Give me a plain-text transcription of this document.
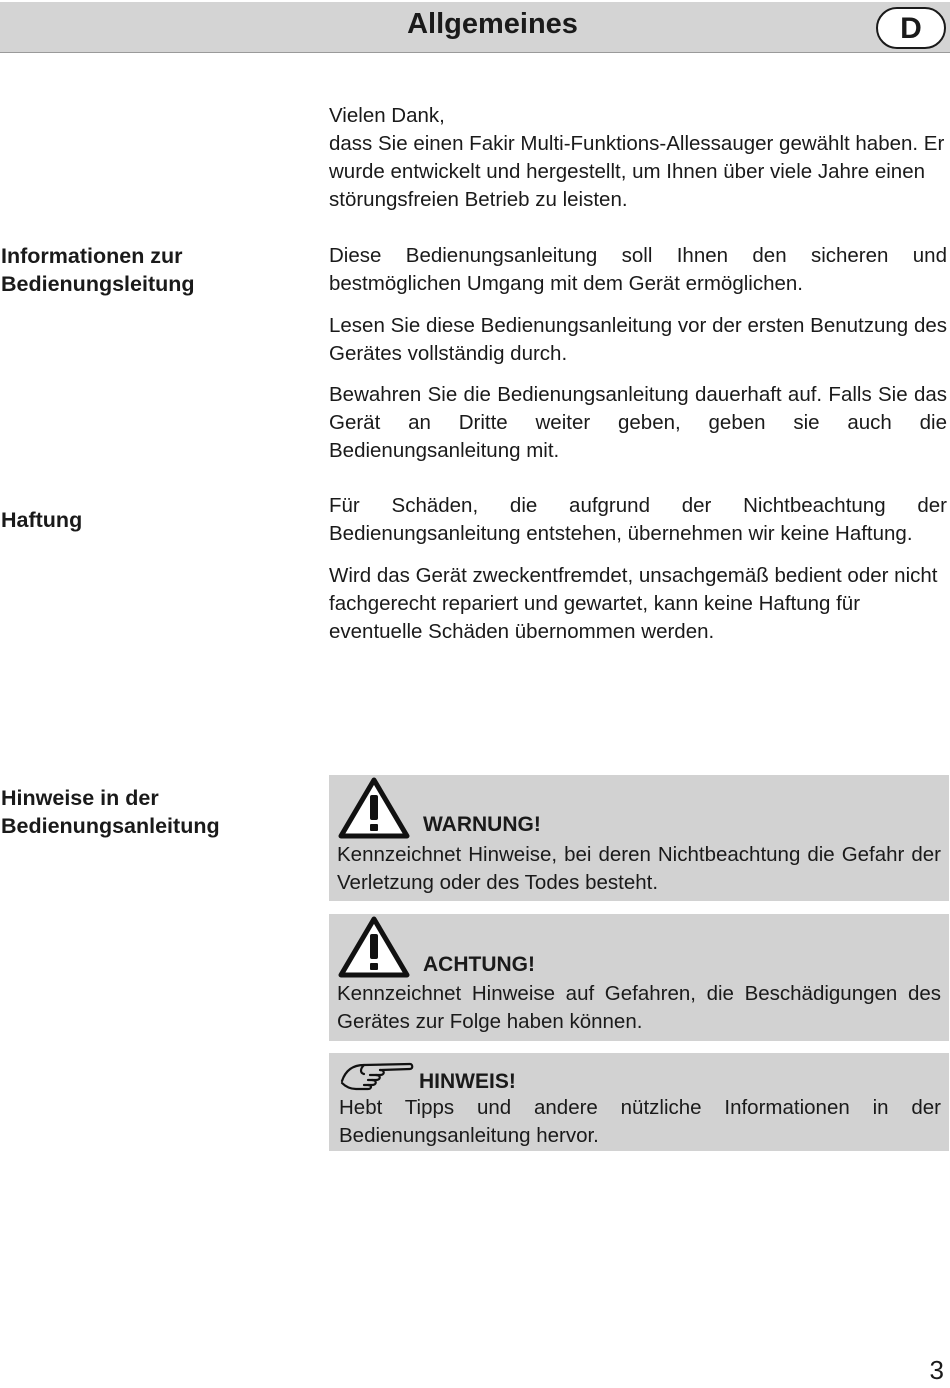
Allgemeines	D
Vielen Dank,
dass Sie einen Fakir Multi-Funktions-Allessauger gewählt haben. Er wurde entwickelt und hergestellt, um Ihnen über viele Jahre einen störungsfreien Betrieb zu leisten.
Informationen zur
Bedienungsleitung
Diese Bedienungsanleitung soll Ihnen den sicheren und bestmöglichen Umgang mit dem Gerät ermöglichen.
Lesen Sie diese Bedienungsanleitung vor der ersten Benutzung des Gerätes vollständig durch.
Bewahren Sie die Bedienungsanleitung dauerhaft auf. Falls Sie das Gerät an Dritte weiter geben, geben sie auch die Bedienungsanleitung mit.
Haftung
Für Schäden, die aufgrund der Nichtbeachtung der Bedienungsanleitung entstehen, übernehmen wir keine Haftung.
Wird das Gerät zweckentfremdet, unsachgemäß bedient oder nicht fachgerecht repariert und gewartet, kann keine Haftung für eventuelle Schäden übernommen werden.
Hinweise in der
Bedienungsanleitung	WARNUNG!
Kennzeichnet Hinweise, bei deren Nichtbeachtung die Gefahr der Verletzung oder des Todes besteht.
ACHTUNG!
Kennzeichnet Hinweise auf Gefahren, die Beschädigungen des Gerätes zur Folge haben können.
HINWEIS!
Hebt Tipps und andere nützliche Informationen in der Bedienungsanleitung hervor.
3
